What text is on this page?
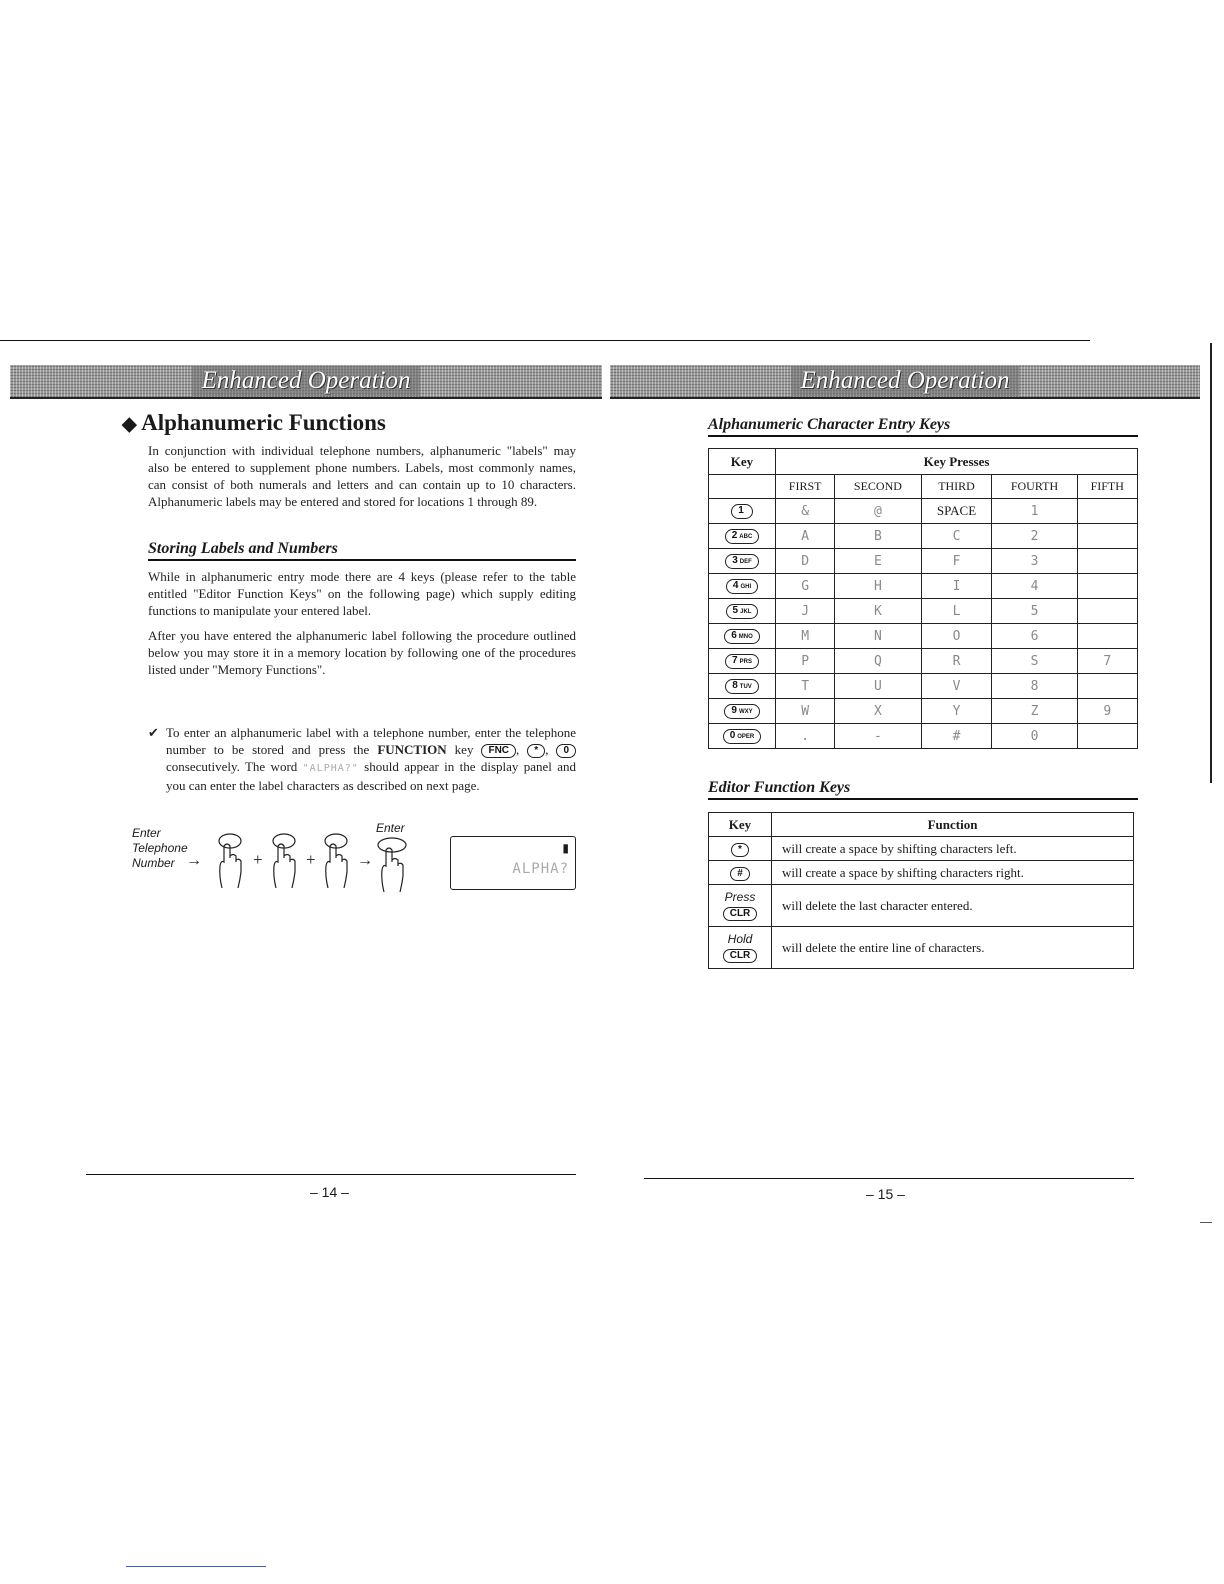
Enhanced Operation	Enhanced Operation
◆ Alphanumeric Functions

In conjunction with individual telephone numbers, alphanumeric "labels" may also be entered to supplement phone numbers. Labels, most commonly names, can consist of both numerals and letters and can contain up to 10 characters. Alphanumeric labels may be entered and stored for locations 1 through 89.

Storing Labels and Numbers

While in alphanumeric entry mode there are 4 keys (please refer to the table entitled "Editor Function Keys" on the following page) which supply editing functions to manipulate your entered label.

After you have entered the alphanumeric label following the procedure outlined below you may store it in a memory location by following one of the procedures listed under "Memory Functions".

✔ To enter an alphanumeric label with a telephone number, enter the telephone number to be stored and press the FUNCTION key FNC , * , 0 consecutively. The word "ALPHA?" should appear in the display panel and you can enter the label characters as described on next page.
Enter
Telephone
Number
Enter
→	+	+	→
▮
ALPHA?
Alphanumeric Character Entry Keys
Key	Key Presses				
	FIRST	SECOND	THIRD	FOURTH	FIFTH
1	&	@	SPACE	1	
2 ABC	A	B	C	2	
3 DEF	D	E	F	3	
4 GHI	G	H	I	4	
5 JKL	J	K	L	5	
6 MNO	M	N	O	6	
7 PRS	P	Q	R	S	7
8 TUV	T	U	V	8	
9 WXY	W	X	Y	Z	9
0 OPER	.	-	#	0	
Editor Function Keys
Key	Function
*	will create a space by shifting characters left.
#	will create a space by shifting characters right.

Press
CLR	will delete the last character entered.

Hold
CLR	will delete the entire line of characters.
– 14 –	– 15 –
